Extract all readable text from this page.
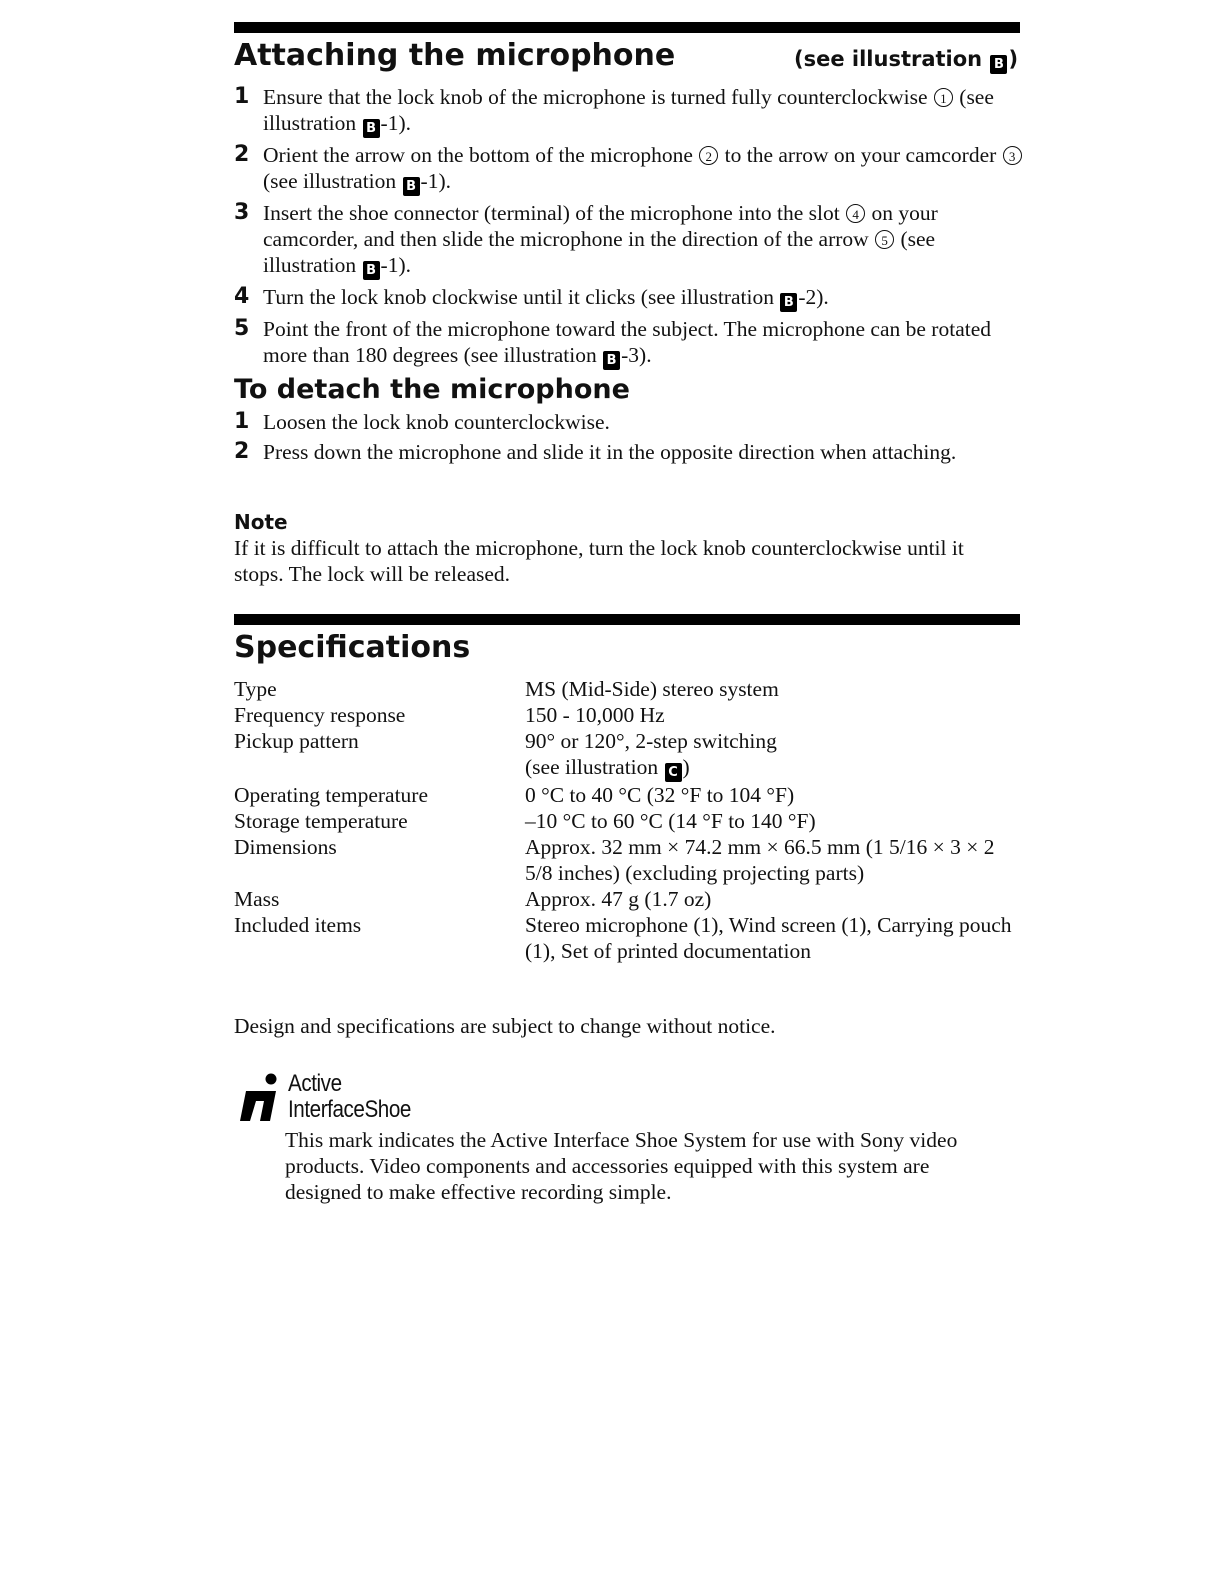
Attaching the microphone	(see illustration B )
1 Ensure that the lock knob of the microphone is turned fully counterclockwise 1 (see illustration B -1).
2 Orient the arrow on the bottom of the microphone 2 to the arrow on your camcorder 3 (see illustration B -1).
3 Insert the shoe connector (terminal) of the microphone into the slot 4 on your camcorder, and then slide the microphone in the direction of the arrow 5 (see illustration B -1).
4 Turn the lock knob clockwise until it clicks (see illustration B -2).
5 Point the front of the microphone toward the subject. The microphone can be rotated more than 180 degrees (see illustration B -3).
To detach the microphone
1 Loosen the lock knob counterclockwise.
2 Press down the microphone and slide it in the opposite direction when attaching.
Note
If it is difficult to attach the microphone, turn the lock knob counterclockwise until it stops. The lock will be released.
Specifications
Type	MS (Mid-Side) stereo system
Frequency response	150 - 10,000 Hz
Pickup pattern	90° or 120°, 2-step switching
(see illustration C )

Operating temperature	0 °C to 40 °C (32 °F to 104 °F)
Storage temperature	–10 °C to 60 °C (14 °F to 140 °F)
Dimensions	Approx. 32 mm × 74.2 mm × 66.5 mm (1 5/16 × 3 × 2 5/8 inches) (excluding projecting parts)
Mass	Approx. 47 g (1.7 oz)
Included items	Stereo microphone (1), Wind screen (1), Carrying pouch (1), Set of printed documentation
Design and specifications are subject to change without notice.
Active
InterfaceShoe
This mark indicates the Active Interface Shoe System for use with Sony video products. Video components and accessories equipped with this system are designed to make effective recording simple.
